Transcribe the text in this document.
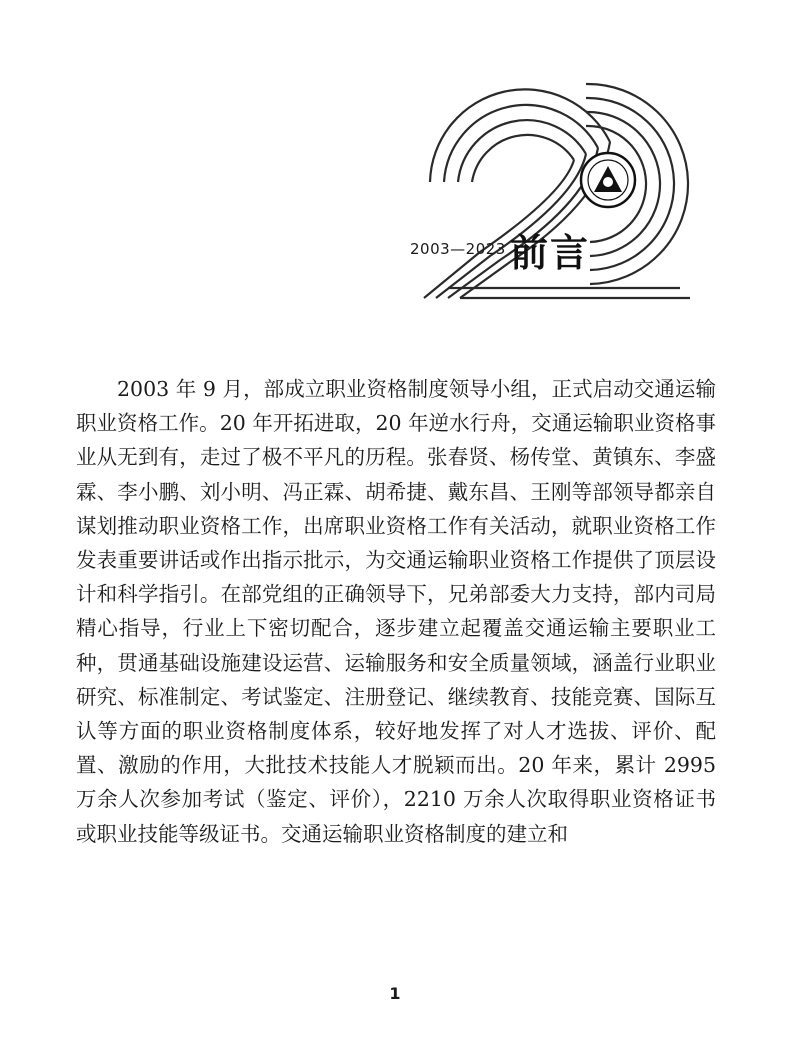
2003—2023 前言

2003 年 9 月，部成立职业资格制度领导小组，正式启动交通运输职业资格工作。20 年开拓进取，20 年逆水行舟，交通运输职业资格事业从无到有，走过了极不平凡的历程。张春贤、杨传堂、黄镇东、李盛霖、李小鹏、刘小明、冯正霖、胡希捷、戴东昌、王刚等部领导都亲自谋划推动职业资格工作，出席职业资格工作有关活动，就职业资格工作发表重要讲话或作出指示批示，为交通运输职业资格工作提供了顶层设计和科学指引。在部党组的正确领导下，兄弟部委大力支持，部内司局精心指导，行业上下密切配合，逐步建立起覆盖交通运输主要职业工种，贯通基础设施建设运营、运输服务和安全质量领域，涵盖行业职业研究、标准制定、考试鉴定、注册登记、继续教育、技能竞赛、国际互认等方面的职业资格制度体系，较好地发挥了对人才选拔、评价、配置、激励的作用，大批技术技能人才脱颖而出。20 年来，累计 2995 万余人次参加考试（鉴定、评价），2210 万余人次取得职业资格证书或职业技能等级证书。交通运输职业资格制度的建立和

1
